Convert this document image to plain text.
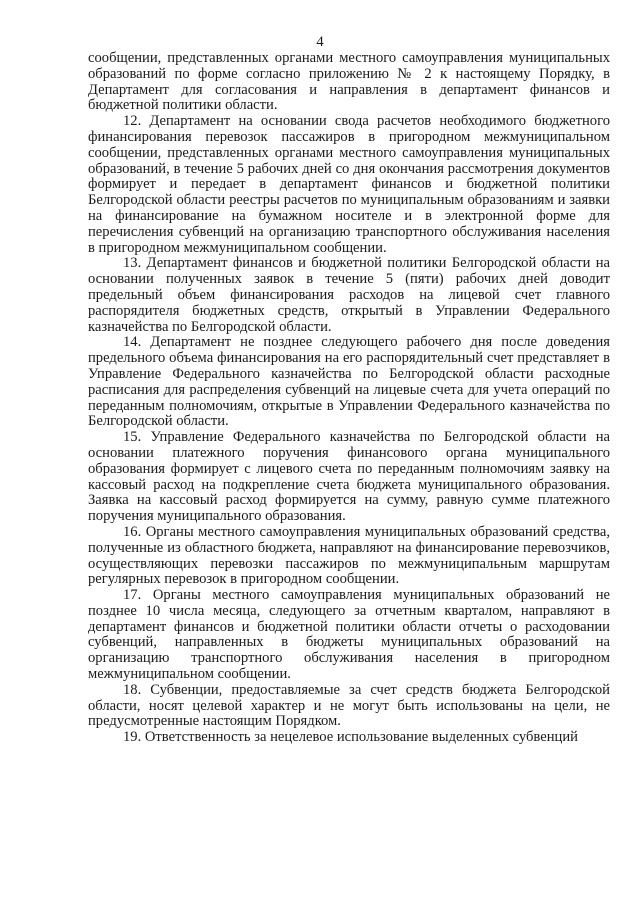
4

сообщении, представленных органами местного самоуправления муниципальных образований по форме согласно приложению № 2 к настоящему Порядку, в Департамент для согласования и направления в департамент финансов и бюджетной политики области.

12. Департамент на основании свода расчетов необходимого бюджетного финансирования перевозок пассажиров в пригородном межмуниципальном сообщении, представленных органами местного самоуправления муниципальных образований, в течение 5 рабочих дней со дня окончания рассмотрения документов формирует и передает в департамент финансов и бюджетной политики Белгородской области реестры расчетов по муниципальным образованиям и заявки на финансирование на бумажном носителе и в электронной форме для перечисления субвенций на организацию транспортного обслуживания населения в пригородном межмуниципальном сообщении.

13. Департамент финансов и бюджетной политики Белгородской области на основании полученных заявок в течение 5 (пяти) рабочих дней доводит предельный объем финансирования расходов на лицевой счет главного распорядителя бюджетных средств, открытый в Управлении Федерального казначейства по Белгородской области.

14. Департамент не позднее следующего рабочего дня после доведения предельного объема финансирования на его распорядительный счет представляет в Управление Федерального казначейства по Белгородской области расходные расписания для распределения субвенций на лицевые счета для учета операций по переданным полномочиям, открытые в Управлении Федерального казначейства по Белгородской области.

15. Управление Федерального казначейства по Белгородской области на основании платежного поручения финансового органа муниципального образования формирует с лицевого счета по переданным полномочиям заявку на кассовый расход на подкрепление счета бюджета муниципального образования. Заявка на кассовый расход формируется на сумму, равную сумме платежного поручения муниципального образования.

16. Органы местного самоуправления муниципальных образований средства, полученные из областного бюджета, направляют на финансирование перевозчиков, осуществляющих перевозки пассажиров по межмуниципальным маршрутам регулярных перевозок в пригородном сообщении.

17. Органы местного самоуправления муниципальных образований не позднее 10 числа месяца, следующего за отчетным кварталом, направляют в департамент финансов и бюджетной политики области отчеты о расходовании субвенций, направленных в бюджеты муниципальных образований на организацию транспортного обслуживания населения в пригородном межмуниципальном сообщении.

18. Субвенции, предоставляемые за счет средств бюджета Белгородской области, носят целевой характер и не могут быть использованы на цели, не предусмотренные настоящим Порядком.

19. Ответственность за нецелевое использование выделенных субвенций
